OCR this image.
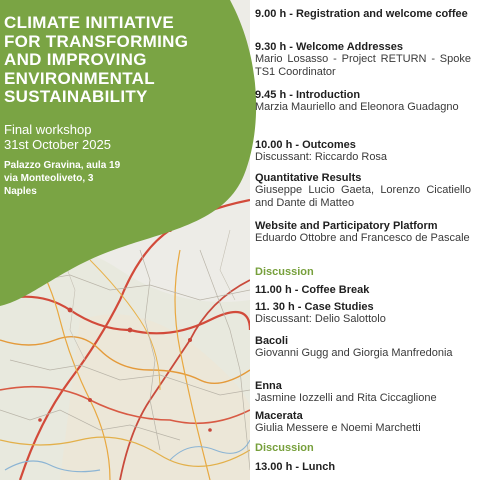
CLIMATE INITIATIVE
FOR TRANSFORMING
AND IMPROVING
ENVIRONMENTAL
SUSTAINABILITY
Final workshop
31st October 2025
Palazzo Gravina, aula 19
via Monteoliveto, 3
Naples
9.00 h - Registration and welcome coffee
9.30 h - Welcome Addresses
Mario Losasso - Project RETURN - Spoke TS1 Coordinator
9.45 h - Introduction
Marzia Mauriello and Eleonora Guadagno
10.00 h - Outcomes
Discussant: Riccardo Rosa
Quantitative Results
Giuseppe Lucio Gaeta, Lorenzo Cicatiello and Dante di Matteo
Website and Participatory Platform
Eduardo Ottobre and Francesco de Pascale
Discussion
11.00 h - Coffee Break
11. 30 h - Case Studies
Discussant: Delio Salottolo
Bacoli
Giovanni Gugg and Giorgia Manfredonia
Enna
Jasmine Iozzelli and Rita Ciccaglione
Macerata
Giulia Messere e Noemi Marchetti
Discussion
13.00 h - Lunch
